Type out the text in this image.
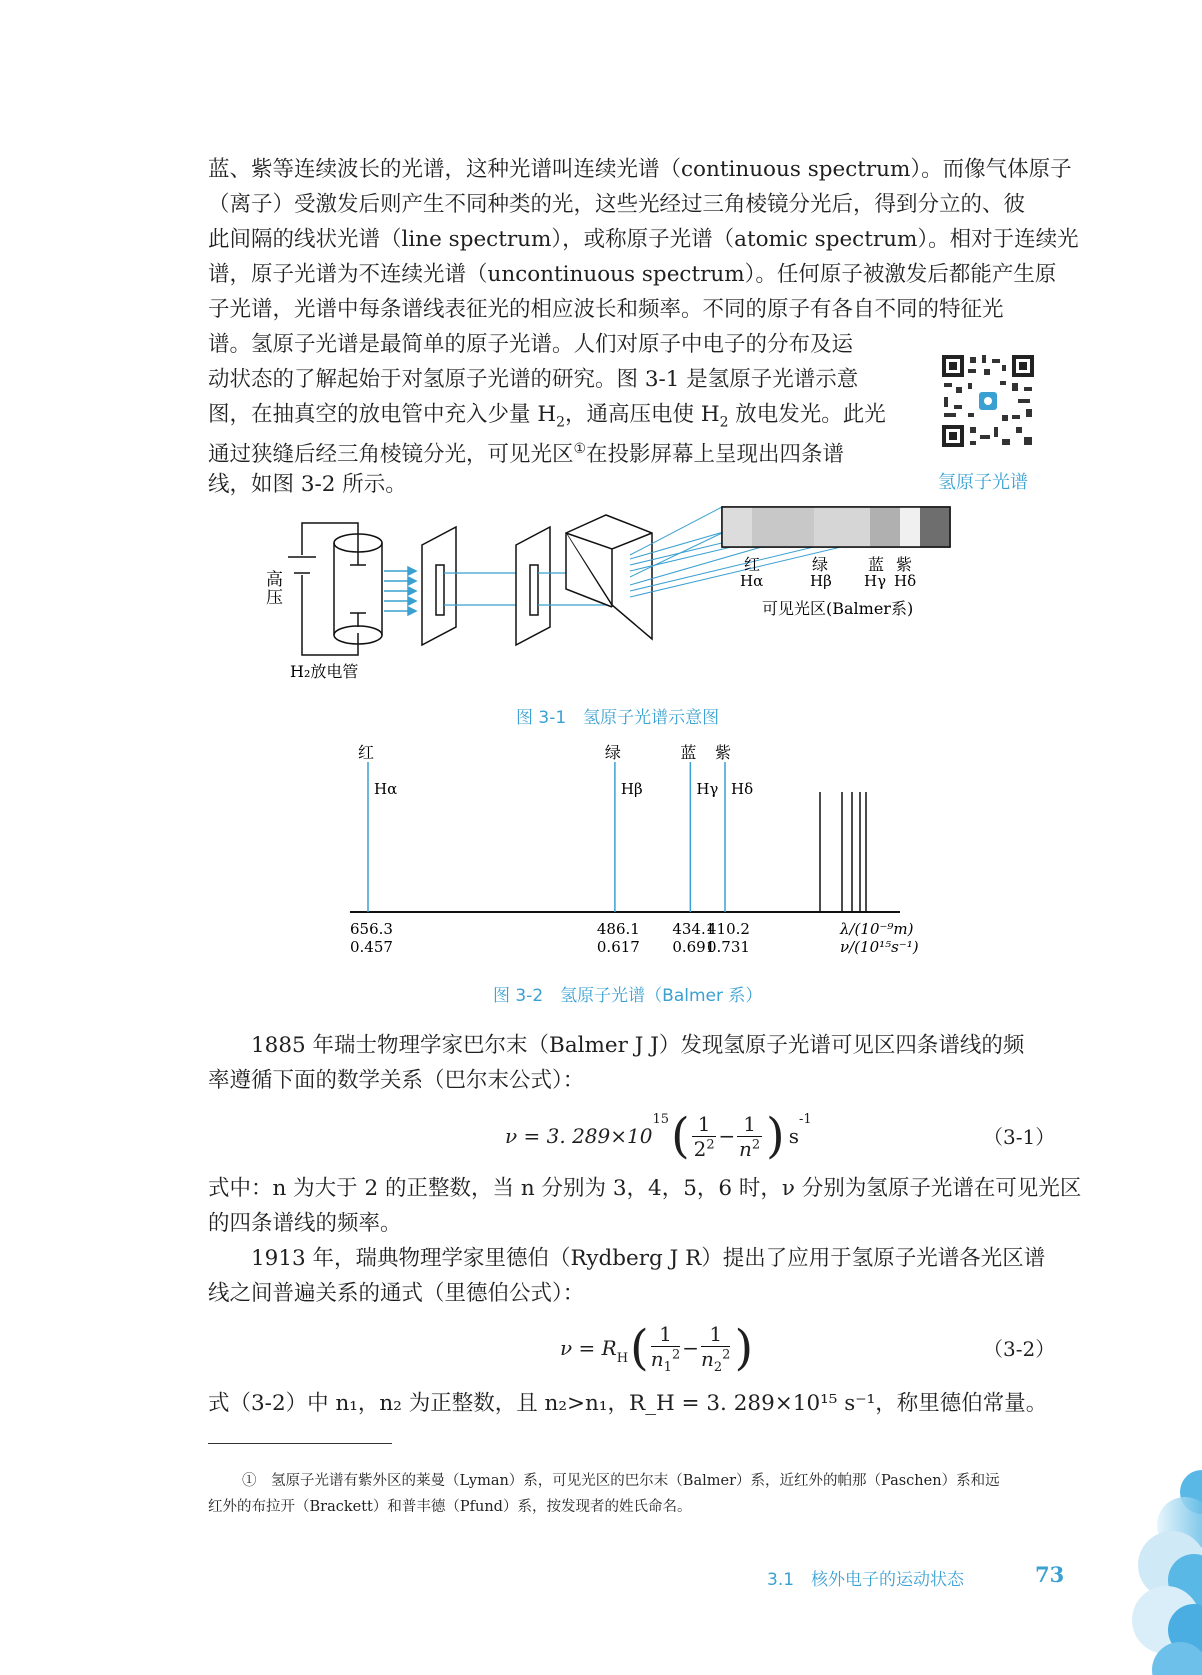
蓝、紫等连续波长的光谱，这种光谱叫连续光谱（continuous spectrum）。而像气体原子
（离子）受激发后则产生不同种类的光，这些光经过三角棱镜分光后，得到分立的、彼
此间隔的线状光谱（line spectrum），或称原子光谱（atomic spectrum）。相对于连续光
谱，原子光谱为不连续光谱（uncontinuous spectrum）。任何原子被激发后都能产生原
子光谱，光谱中每条谱线表征光的相应波长和频率。不同的原子有各自不同的特征光
谱。氢原子光谱是最简单的原子光谱。人们对原子中电子的分布及运
动状态的了解起始于对氢原子光谱的研究。图 3-1 是氢原子光谱示意
图，在抽真空的放电管中充入少量 $H_2$，通高压电使 $H_2$ 放电发光。此光
通过狭缝后经三角棱镜分光，可见光区①在投影屏幕上呈现出四条谱
线，如图 3-2 所示。	氢原子光谱
高
压
H₂放电管
红
Hα
绿
Hβ
蓝
Hγ
紫
Hδ
可见光区(Balmer系)
图 3-1　氢原子光谱示意图
红
Hα
656.3
0.457
绿
Hβ
486.1
0.617
蓝
Hγ
434.1
0.691
紫
Hδ
410.2
0.731
λ/(10⁻⁹m)
ν/(10¹⁵s⁻¹)
图 3-2　氢原子光谱（Balmer 系）
　　1885 年瑞士物理学家巴尔末（Balmer J J）发现氢原子光谱可见区四条谱线的频
率遵循下面的数学关系（巴尔末公式）：
ν = 3. 289×10
$^{15}$ ( 1
$2^2 - \frac{1}{n^2}$ ) s
$^{-1}$
（3-1）
式中：n 为大于 2 的正整数，当 n 分别为 3，4，5，6 时，ν 分别为氢原子光谱在可见光区
的四条谱线的频率。
　　1913 年，瑞典物理学家里德伯（Rydberg J R）提出了应用于氢原子光谱各光区谱
线之间普遍关系的通式（里德伯公式）：
$\nu = R_H$ ( 1
$n_1^2 - \frac{1}{n_2^2}$ )	（3-2）
式（3-2）中 n₁，n₂ 为正整数，且 n₂>n₁，R_H = 3. 289×10¹⁵ s⁻¹，称里德伯常量。
①　氢原子光谱有紫外区的莱曼（Lyman）系，可见光区的巴尔末（Balmer）系，近红外的帕那（Paschen）系和远
红外的布拉开（Brackett）和普丰德（Pfund）系，按发现者的姓氏命名。
3.1　核外电子的运动状态	73
